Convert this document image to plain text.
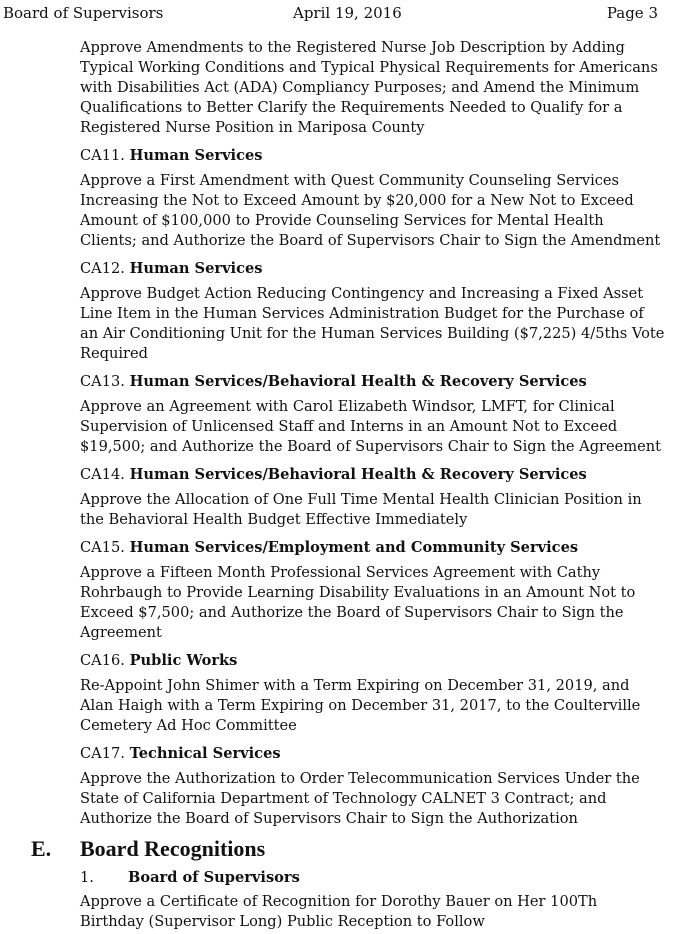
Board of Supervisors	April 19, 2016	Page 3
Approve Amendments to the Registered Nurse Job Description by Adding Typical Working Conditions and Typical Physical Requirements for Americans with Disabilities Act (ADA) Compliancy Purposes; and Amend the Minimum Qualifications to Better Clarify the Requirements Needed to Qualify for a Registered Nurse Position in Mariposa County
CA11. Human Services
Approve a First Amendment with Quest Community Counseling Services Increasing the Not to Exceed Amount by $20,000 for a New Not to Exceed Amount of $100,000 to Provide Counseling Services for Mental Health Clients; and Authorize the Board of Supervisors Chair to Sign the Amendment
CA12. Human Services
Approve Budget Action Reducing Contingency and Increasing a Fixed Asset Line Item in the Human Services Administration Budget for the Purchase of an Air Conditioning Unit for the Human Services Building ($7,225) 4/5ths Vote Required
CA13. Human Services/Behavioral Health & Recovery Services
Approve an Agreement with Carol Elizabeth Windsor, LMFT, for Clinical Supervision of Unlicensed Staff and Interns in an Amount Not to Exceed $19,500; and Authorize the Board of Supervisors Chair to Sign the Agreement
CA14. Human Services/Behavioral Health & Recovery Services
Approve the Allocation of One Full Time Mental Health Clinician Position in the Behavioral Health Budget Effective Immediately
CA15. Human Services/Employment and Community Services
Approve a Fifteen Month Professional Services Agreement with Cathy Rohrbaugh to Provide Learning Disability Evaluations in an Amount Not to Exceed $7,500; and Authorize the Board of Supervisors Chair to Sign the Agreement
CA16. Public Works
Re-Appoint John Shimer with a Term Expiring on December 31, 2019, and Alan Haigh with a Term Expiring on December 31, 2017, to the Coulterville Cemetery Ad Hoc Committee
CA17. Technical Services
Approve the Authorization to Order Telecommunication Services Under the State of California Department of Technology CALNET 3 Contract; and Authorize the Board of Supervisors Chair to Sign the Authorization
E. Board Recognitions
1. Board of Supervisors
Approve a Certificate of Recognition for Dorothy Bauer on Her 100Th Birthday (Supervisor Long) Public Reception to Follow
